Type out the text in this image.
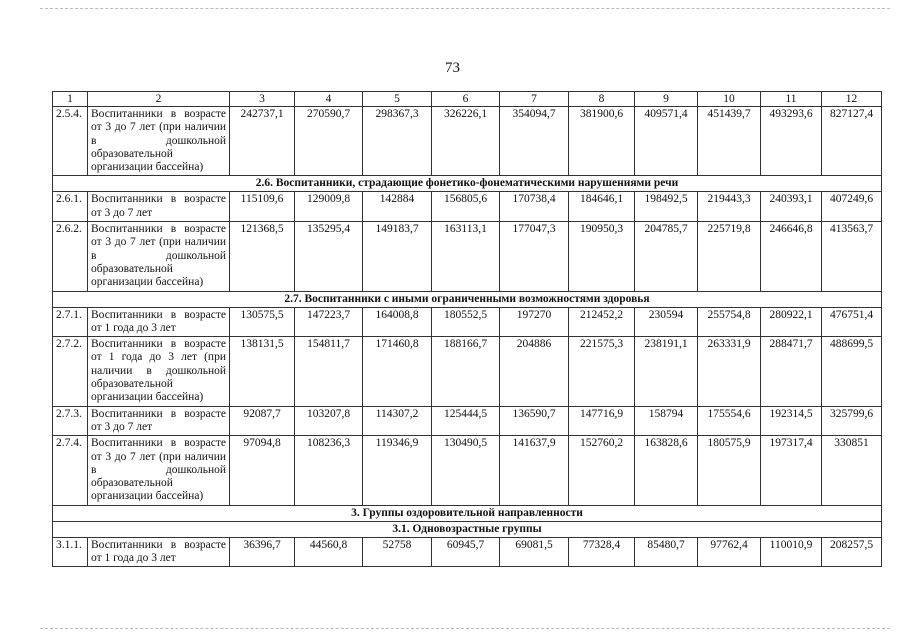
73
1	2	3	4	5	6	7	8	9	10	11	12
2.5.4.	Воспитанники в возрасте от 3 до 7 лет (при наличии в дошкольной образовательной организации бассейна)	242737,1	270590,7	298367,3	326226,1	354094,7	381900,6	409571,4	451439,7	493293,6	827127,4
2.6. Воспитанники, страдающие фонетико-фонематическими нарушениями речи											
2.6.1.	Воспитанники в возрасте от 3 до 7 лет	115109,6	129009,8	142884	156805,6	170738,4	184646,1	198492,5	219443,3	240393,1	407249,6
2.6.2.	Воспитанники в возрасте от 3 до 7 лет (при наличии в дошкольной образовательной организации бассейна)	121368,5	135295,4	149183,7	163113,1	177047,3	190950,3	204785,7	225719,8	246646,8	413563,7
2.7. Воспитанники с иными ограниченными возможностями здоровья											
2.7.1.	Воспитанники в возрасте от 1 года до 3 лет	130575,5	147223,7	164008,8	180552,5	197270	212452,2	230594	255754,8	280922,1	476751,4
2.7.2.	Воспитанники в возрасте от 1 года до 3 лет (при наличии в дошкольной образовательной организации бассейна)	138131,5	154811,7	171460,8	188166,7	204886	221575,3	238191,1	263331,9	288471,7	488699,5
2.7.3.	Воспитанники в возрасте от 3 до 7 лет	92087,7	103207,8	114307,2	125444,5	136590,7	147716,9	158794	175554,6	192314,5	325799,6
2.7.4.	Воспитанники в возрасте от 3 до 7 лет (при наличии в дошкольной образовательной организации бассейна)	97094,8	108236,3	119346,9	130490,5	141637,9	152760,2	163828,6	180575,9	197317,4	330851
3. Группы оздоровительной направленности											
3.1. Одновозрастные группы											
3.1.1.	Воспитанники в возрасте от 1 года до 3 лет	36396,7	44560,8	52758	60945,7	69081,5	77328,4	85480,7	97762,4	110010,9	208257,5
